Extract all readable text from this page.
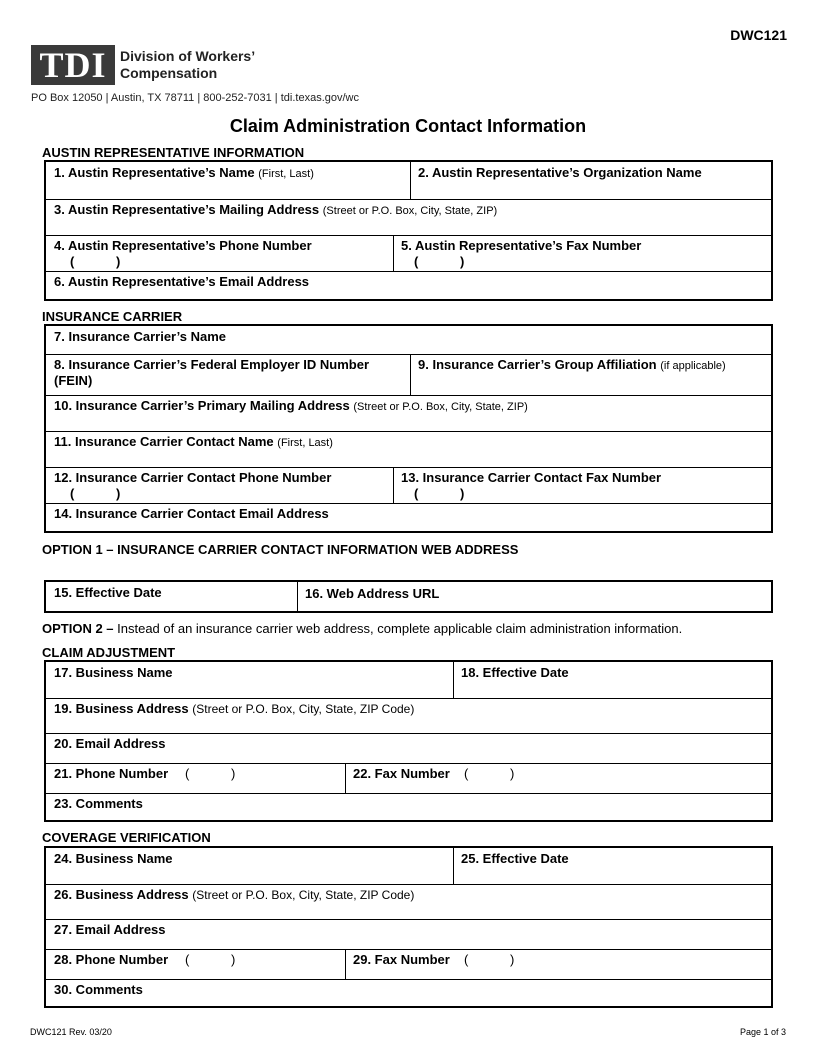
DWC121
TDI Division of Workers’
Compensation
PO Box 12050 | Austin, TX 78711 | 800-252-7031 | tdi.texas.gov/wc
Claim Administration Contact Information
AUSTIN REPRESENTATIVE INFORMATION
1. Austin Representative’s Name (First, Last)	2. Austin Representative’s Organization Name
3. Austin Representative’s Mailing Address (Street or P.O. Box, City, State, ZIP)
4. Austin Representative’s Phone Number
(	)
5. Austin Representative’s Fax Number
(	)
6. Austin Representative’s Email Address
INSURANCE CARRIER
7. Insurance Carrier’s Name
8. Insurance Carrier’s Federal Employer ID Number (FEIN)
9. Insurance Carrier’s Group Affiliation (if applicable)
10. Insurance Carrier’s Primary Mailing Address (Street or P.O. Box, City, State, ZIP)
11. Insurance Carrier Contact Name (First, Last)
12. Insurance Carrier Contact Phone Number
(	)
13. Insurance Carrier Contact Fax Number
(	)
14. Insurance Carrier Contact Email Address
OPTION 1 – INSURANCE CARRIER CONTACT INFORMATION WEB ADDRESS
15. Effective Date	16. Web Address URL
OPTION 2 – Instead of an insurance carrier web address, complete applicable claim administration information.
CLAIM ADJUSTMENT
17. Business Name	18. Effective Date
19. Business Address (Street or P.O. Box, City, State, ZIP Code)
20. Email Address
21. Phone Number	(	)	22. Fax Number	(	)
23. Comments
COVERAGE VERIFICATION
24. Business Name	25. Effective Date
26. Business Address (Street or P.O. Box, City, State, ZIP Code)
27. Email Address
28. Phone Number	(	)	29. Fax Number	(	)
30. Comments
DWC121 Rev. 03/20	Page 1 of 3
